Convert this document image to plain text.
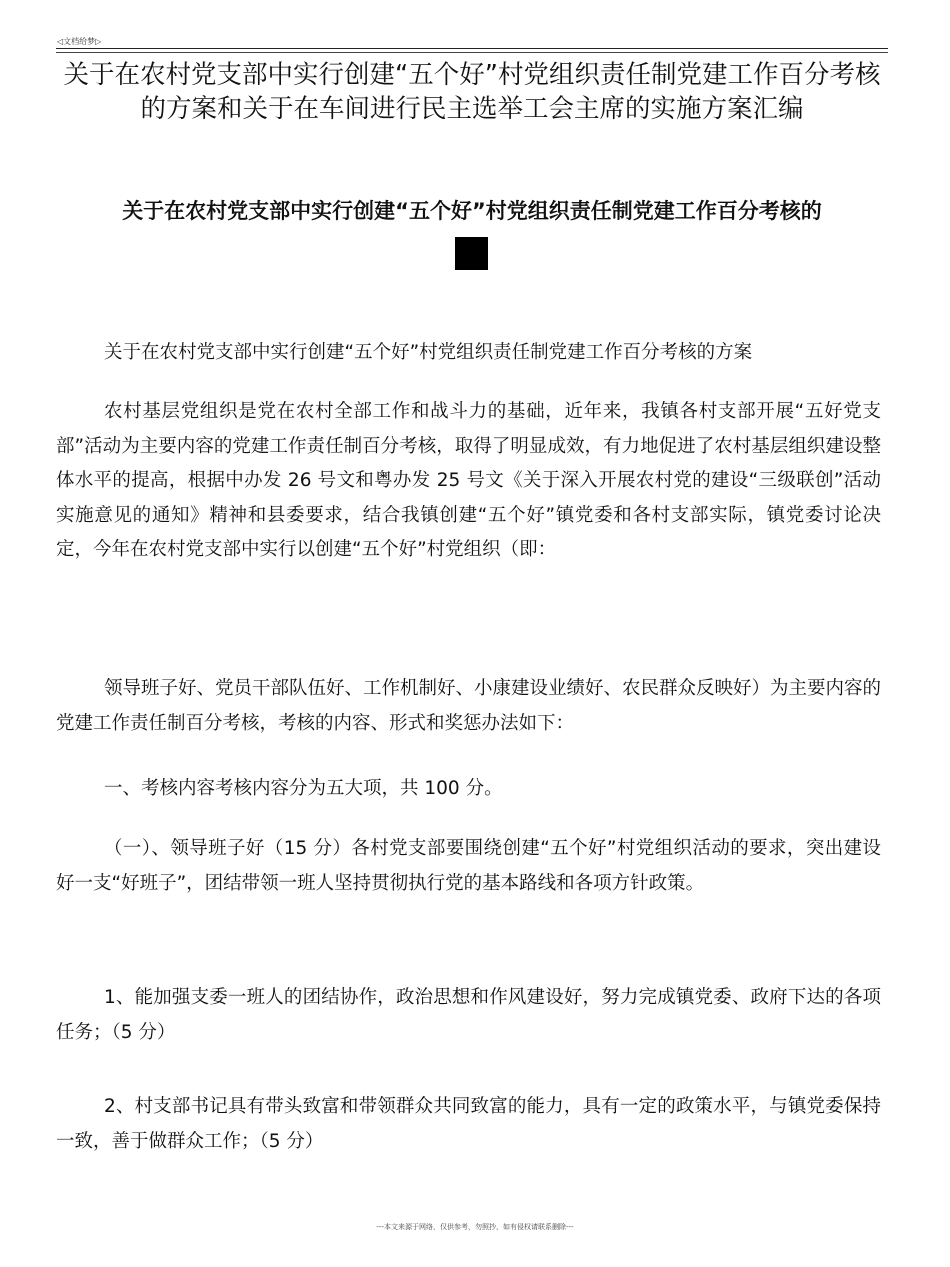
◁文档给梦▷
关于在农村党支部中实行创建“五个好”村党组织责任制党建工作百分考核的方案和关于在车间进行民主选举工会主席的实施方案汇编
关于在农村党支部中实行创建“五个好”村党组织责任制党建工作百分考核的

关于在农村党支部中实行创建“五个好”村党组织责任制党建工作百分考核的方案

农村基层党组织是党在农村全部工作和战斗力的基础，近年来，我镇各村支部开展“五好党支部”活动为主要内容的党建工作责任制百分考核，取得了明显成效，有力地促进了农村基层组织建设整体水平的提高，根据中办发 26 号文和粤办发 25 号文《关于深入开展农村党的建设“三级联创”活动实施意见的通知》精神和县委要求，结合我镇创建“五个好”镇党委和各村支部实际，镇党委讨论决定，今年在农村党支部中实行以创建“五个好”村党组织（即：

领导班子好、党员干部队伍好、工作机制好、小康建设业绩好、农民群众反映好）为主要内容的党建工作责任制百分考核，考核的内容、形式和奖惩办法如下：

一、考核内容考核内容分为五大项，共 100 分。

（一）、领导班子好（15 分）各村党支部要围绕创建“五个好”村党组织活动的要求，突出建设好一支“好班子”，团结带领一班人坚持贯彻执行党的基本路线和各项方针政策。

1、能加强支委一班人的团结协作，政治思想和作风建设好，努力完成镇党委、政府下达的各项任务；（5 分）

2、村支部书记具有带头致富和带领群众共同致富的能力，具有一定的政策水平，与镇党委保持一致，善于做群众工作；（5 分）

---本文来源于网络，仅供参考，勿照抄，如有侵权请联系删除---
